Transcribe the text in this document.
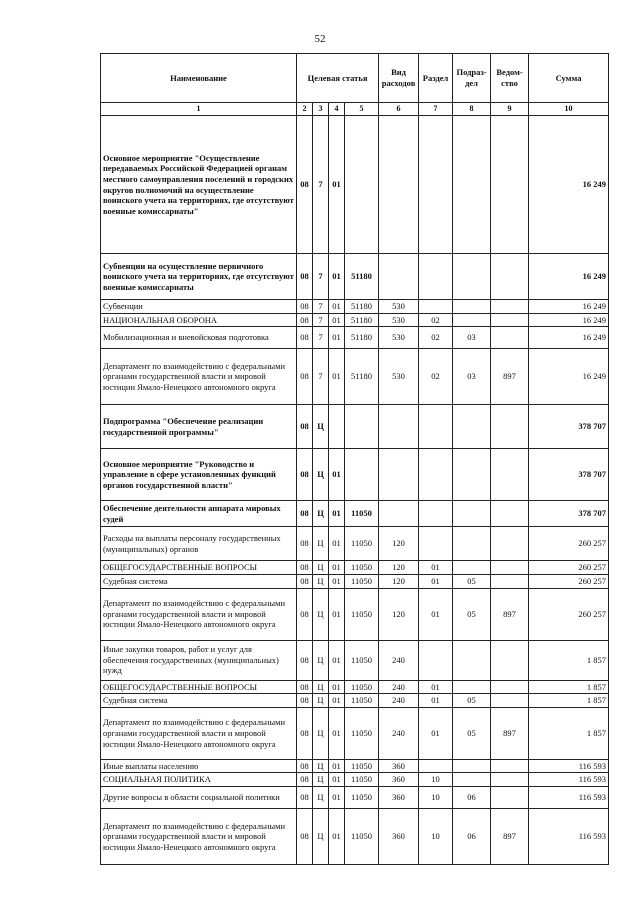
52
Наименование	Целевая статья				Вид расходов	Раздел	Подраз-дел	Ведом-ство	Сумма
1	2	3	4	5	6	7	8	9	10
Основное мероприятие "Осуществление передаваемых Российской Федерацией органам местного самоуправления поселений и городских округов полномочий на осуществление воинского учета на территориях, где отсутствуют военные комиссариаты"	08	7	01						16 249
Субвенции на осуществление первичного воинского учета на территориях, где отсутствуют военные комиссариаты	08	7	01	51180					16 249
Субвенции	08	7	01	51180	530				16 249
НАЦИОНАЛЬНАЯ ОБОРОНА	08	7	01	51180	530	02			16 249
Мобилизационная и вневойсковая подготовка	08	7	01	51180	530	02	03		16 249
Департамент по взаимодействию с федеральными органами государственной власти и мировой юстиции Ямало-Ненецкого автономного округа	08	7	01	51180	530	02	03	897	16 249
Подпрограмма "Обеспечение реализации государственной программы"	08	Ц							378 707
Основное мероприятие "Руководство и управление в сфере установленных функций органов государственной власти"	08	Ц	01						378 707
Обеспечение деятельности аппарата мировых судей	08	Ц	01	11050					378 707
Расходы на выплаты персоналу государственных (муниципальных) органов	08	Ц	01	11050	120				260 257
ОБЩЕГОСУДАРСТВЕННЫЕ ВОПРОСЫ	08	Ц	01	11050	120	01			260 257
Судебная система	08	Ц	01	11050	120	01	05		260 257
Департамент по взаимодействию с федеральными органами государственной власти и мировой юстиции Ямало-Ненецкого автономного округа	08	Ц	01	11050	120	01	05	897	260 257
Иные закупки товаров, работ и услуг для обеспечения государственных (муниципальных) нужд	08	Ц	01	11050	240				1 857
ОБЩЕГОСУДАРСТВЕННЫЕ ВОПРОСЫ	08	Ц	01	11050	240	01			1 857
Судебная система	08	Ц	01	11050	240	01	05		1 857
Департамент по взаимодействию с федеральными органами государственной власти и мировой юстиции Ямало-Ненецкого автономного округа	08	Ц	01	11050	240	01	05	897	1 857
Иные выплаты населению	08	Ц	01	11050	360				116 593
СОЦИАЛЬНАЯ ПОЛИТИКА	08	Ц	01	11050	360	10			116 593
Другие вопросы в области социальной политики	08	Ц	01	11050	360	10	06		116 593
Департамент по взаимодействию с федеральными органами государственной власти и мировой юстиции Ямало-Ненецкого автономного округа	08	Ц	01	11050	360	10	06	897	116 593
